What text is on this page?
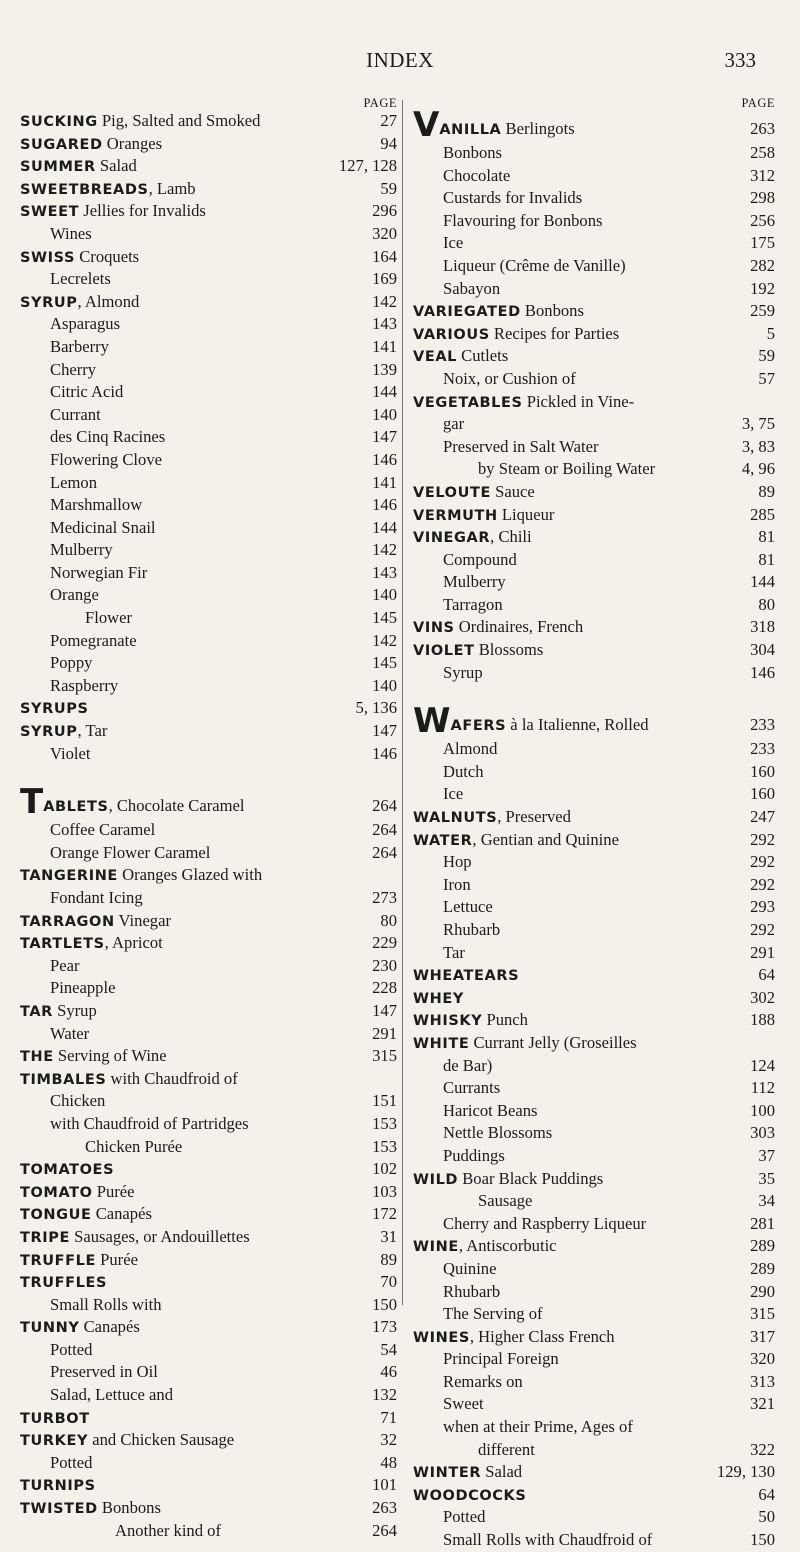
INDEX	333
PAGE
SUCKING Pig, Salted and Smoked	27
SUGARED Oranges	94
SUMMER Salad	127, 128
SWEETBREADS, Lamb	59
SWEET Jellies for Invalids	296
Wines	320
SWISS Croquets	164
Lecrelets	169
SYRUP, Almond	142
Asparagus	143
Barberry	141
Cherry	139
Citric Acid	144
Currant	140
des Cinq Racines	147
Flowering Clove	146
Lemon	141
Marshmallow	146
Medicinal Snail	144
Mulberry	142
Norwegian Fir	143
Orange	140
Flower	145
Pomegranate	142
Poppy	145
Raspberry	140
SYRUPS	5, 136
SYRUP, Tar	147
Violet	146
TABLETS, Chocolate Caramel	264
Coffee Caramel	264
Orange Flower Caramel	264
TANGERINE Oranges Glazed with
Fondant Icing	273
TARRAGON Vinegar	80
TARTLETS, Apricot	229
Pear	230
Pineapple	228
TAR Syrup	147
Water	291
THE Serving of Wine	315
TIMBALES with Chaudfroid of
Chicken	151
with Chaudfroid of Partridges	153
Chicken Purée	153
TOMATOES	102
TOMATO Purée	103
TONGUE Canapés	172
TRIPE Sausages, or Andouillettes	31
TRUFFLE Purée	89
TRUFFLES	70
Small Rolls with	150
TUNNY Canapés	173
Potted	54
Preserved in Oil	46
Salad, Lettuce and	132
TURBOT	71
TURKEY and Chicken Sausage	32
Potted	48
TURNIPS	101
TWISTED Bonbons	263
Another kind of	264
PAGE
VANILLA Berlingots	263
Bonbons	258
Chocolate	312
Custards for Invalids	298
Flavouring for Bonbons	256
Ice	175
Liqueur (Crême de Vanille)	282
Sabayon	192
VARIEGATED Bonbons	259
VARIOUS Recipes for Parties	5
VEAL Cutlets	59
Noix, or Cushion of	57
VEGETABLES Pickled in Vine-
gar	3, 75
Preserved in Salt Water	3, 83
by Steam or Boiling Water	4, 96
VELOUTE Sauce	89
VERMUTH Liqueur	285
VINEGAR, Chili	81
Compound	81
Mulberry	144
Tarragon	80
VINS Ordinaires, French	318
VIOLET Blossoms	304
Syrup	146
WAFERS à la Italienne, Rolled	233
Almond	233
Dutch	160
Ice	160
WALNUTS, Preserved	247
WATER, Gentian and Quinine	292
Hop	292
Iron	292
Lettuce	293
Rhubarb	292
Tar	291
WHEATEARS	64
WHEY	302
WHISKY Punch	188
WHITE Currant Jelly (Groseilles
de Bar)	124
Currants	112
Haricot Beans	100
Nettle Blossoms	303
Puddings	37
WILD Boar Black Puddings	35
Sausage	34
Cherry and Raspberry Liqueur	281
WINE, Antiscorbutic	289
Quinine	289
Rhubarb	290
The Serving of	315
WINES, Higher Class French	317
Principal Foreign	320
Remarks on	313
Sweet	321
when at their Prime, Ages of
different	322
WINTER Salad	129, 130
WOODCOCKS	64
Potted	50
Small Rolls with Chaudfroid of	150
